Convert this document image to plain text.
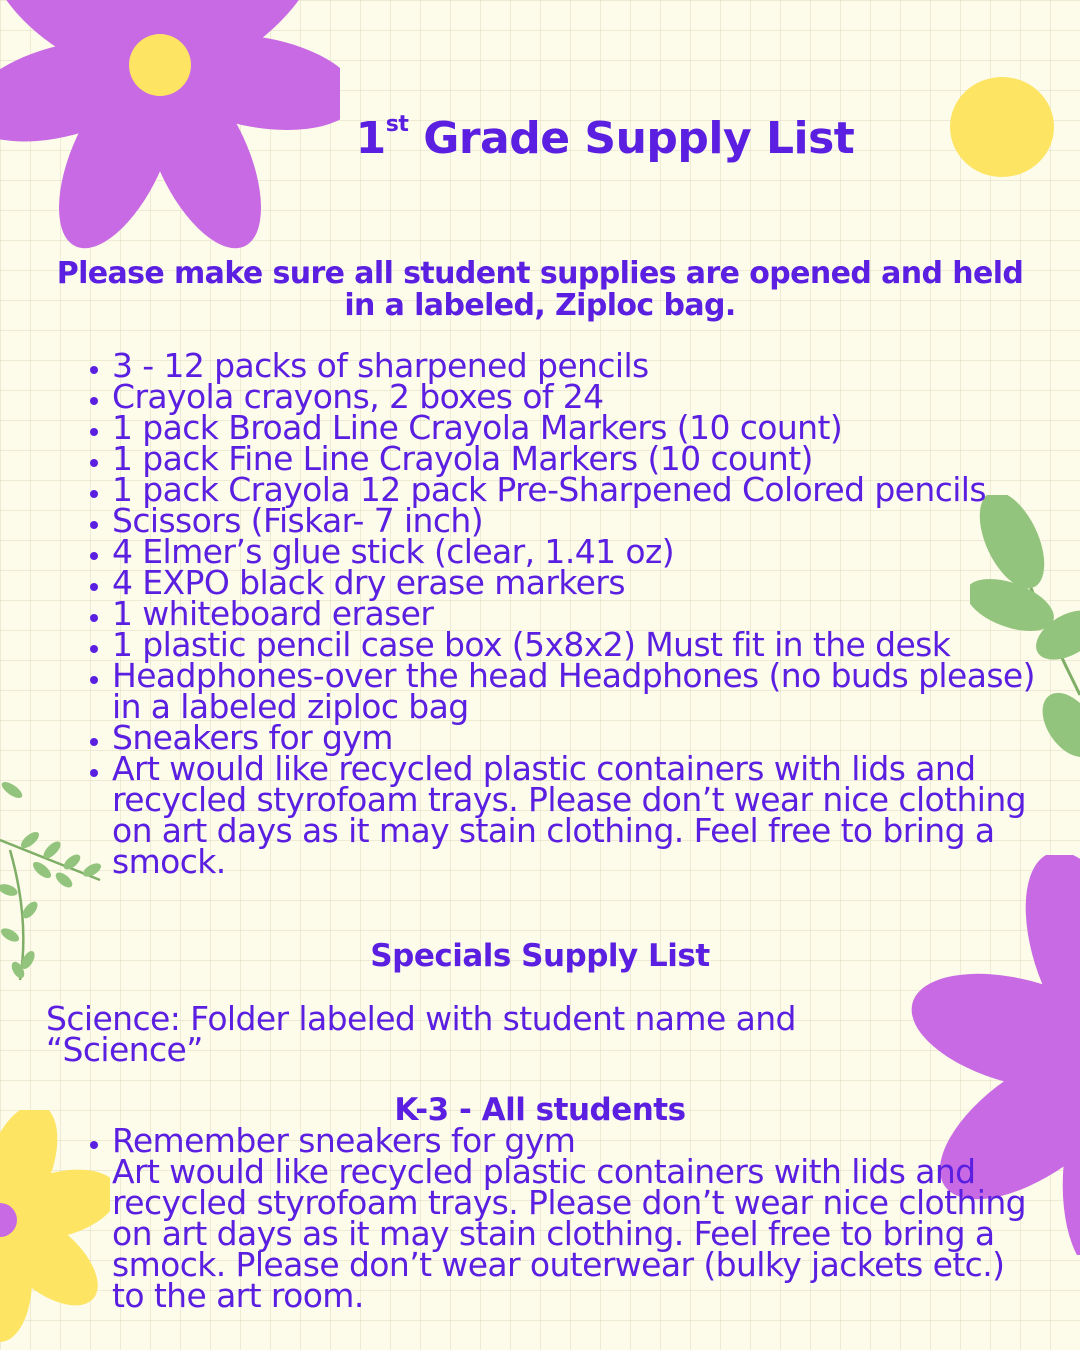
1st Grade Supply List

Please make sure all student supplies are opened and held in a labeled, Ziploc bag.

• 3 - 12 packs of sharpened pencils
• Crayola crayons, 2 boxes of 24
• 1 pack Broad Line Crayola Markers (10 count)
• 1 pack Fine Line Crayola Markers (10 count)
• 1 pack Crayola 12 pack Pre-Sharpened Colored pencils
• Scissors (Fiskar- 7 inch)
• 4 Elmer’s glue stick (clear, 1.41 oz)
• 4 EXPO black dry erase markers
• 1 whiteboard eraser
• 1 plastic pencil case box (5x8x2) Must fit in the desk
• Headphones-over the head Headphones (no buds please) in a labeled ziploc bag
• Sneakers for gym
• Art would like recycled plastic containers with lids and recycled styrofoam trays. Please don’t wear nice clothing on art days as it may stain clothing. Feel free to bring a smock.
Specials Supply List

Science: Folder labeled with student name and “Science”

K-3 - All students
• Remember sneakers for gym

Art would like recycled plastic containers with lids and recycled styrofoam trays. Please don’t wear nice clothing on art days as it may stain clothing. Feel free to bring a smock. Please don’t wear outerwear (bulky jackets etc.) to the art room.
